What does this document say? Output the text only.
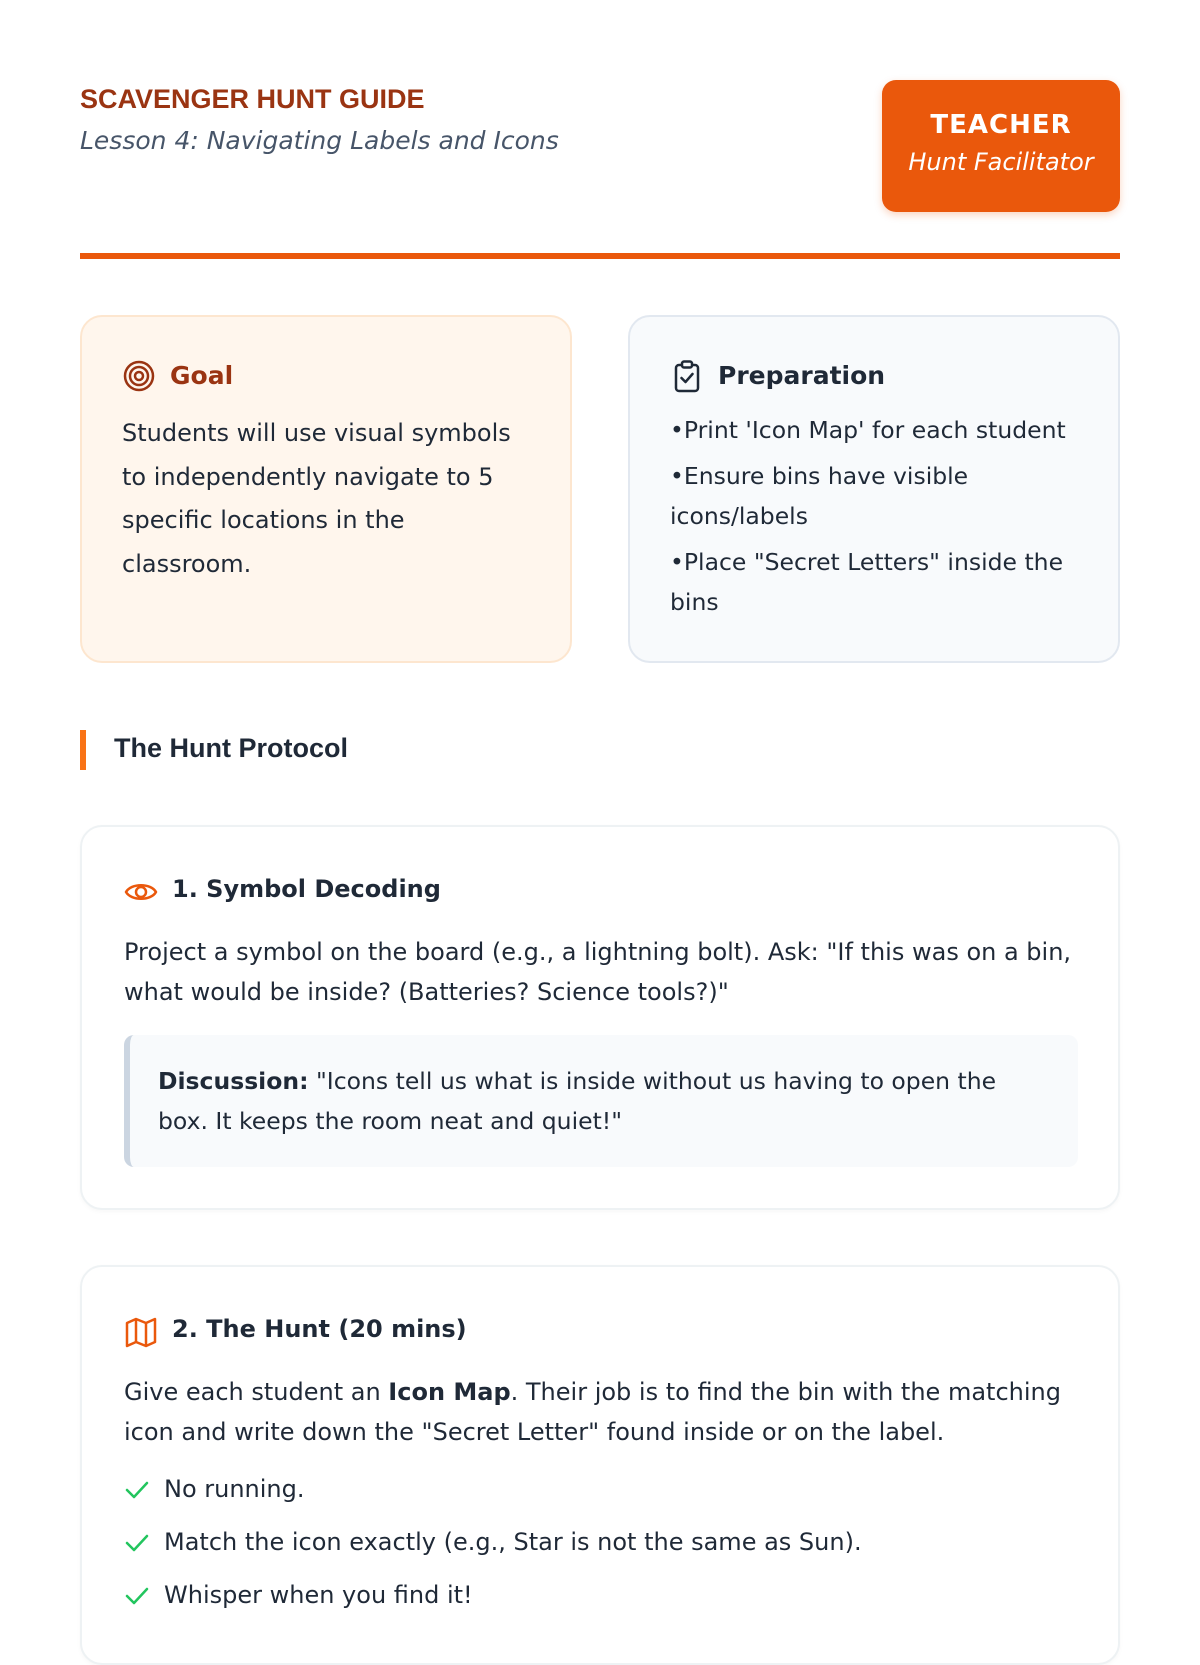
SCAVENGER HUNT GUIDE
Lesson 4: Navigating Labels and Icons
TEACHER
Hunt Facilitator
Goal
Students will use visual symbols to independently navigate to 5 specific locations in the classroom.
Preparation
• Print 'Icon Map' for each student
• Ensure bins have visible icons/labels
• Place "Secret Letters" inside the bins
The Hunt Protocol
1. Symbol Decoding
Project a symbol on the board (e.g., a lightning bolt). Ask: "If this was on a bin, what would be inside? (Batteries? Science tools?)"
Discussion: "Icons tell us what is inside without us having to open the box. It keeps the room neat and quiet!"
2. The Hunt (20 mins)
Give each student an Icon Map. Their job is to find the bin with the matching icon and write down the "Secret Letter" found inside or on the label.
No running.
Match the icon exactly (e.g., Star is not the same as Sun).
Whisper when you find it!
